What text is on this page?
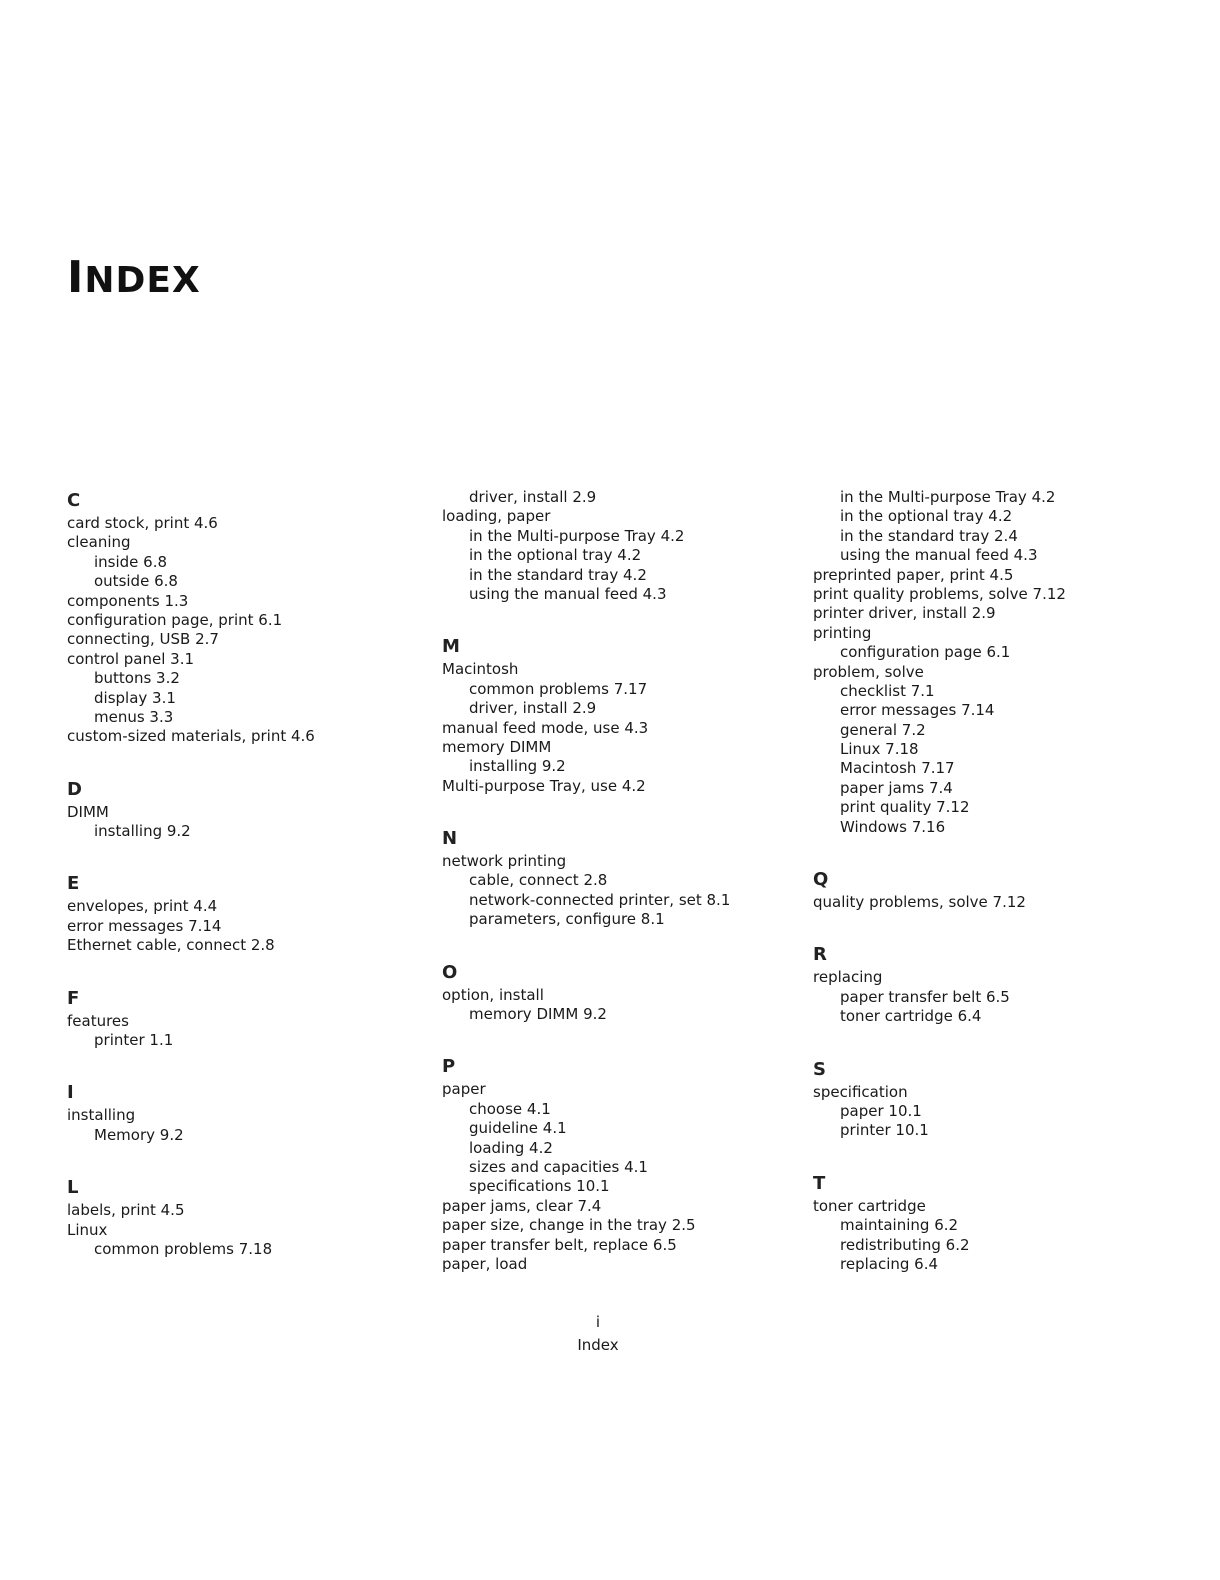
INDEX
C
card stock, print 4.6
cleaning
inside 6.8
outside 6.8
components 1.3
configuration page, print 6.1
connecting, USB 2.7
control panel 3.1
buttons 3.2
display 3.1
menus 3.3
custom-sized materials, print 4.6
D
DIMM
installing 9.2
E
envelopes, print 4.4
error messages 7.14
Ethernet cable, connect 2.8
F
features
printer 1.1
I
installing
Memory 9.2
L
labels, print 4.5
Linux
common problems 7.18
driver, install 2.9
loading, paper
in the Multi-purpose Tray 4.2
in the optional tray 4.2
in the standard tray 4.2
using the manual feed 4.3
M
Macintosh
common problems 7.17
driver, install 2.9
manual feed mode, use 4.3
memory DIMM
installing 9.2
Multi-purpose Tray, use 4.2
N
network printing
cable, connect 2.8
network-connected printer, set 8.1
parameters, configure 8.1
O
option, install
memory DIMM 9.2
P
paper
choose 4.1
guideline 4.1
loading 4.2
sizes and capacities 4.1
specifications 10.1
paper jams, clear 7.4
paper size, change in the tray 2.5
paper transfer belt, replace 6.5
paper, load
in the Multi-purpose Tray 4.2
in the optional tray 4.2
in the standard tray 2.4
using the manual feed 4.3
preprinted paper, print 4.5
print quality problems, solve 7.12
printer driver, install 2.9
printing
configuration page 6.1
problem, solve
checklist 7.1
error messages 7.14
general 7.2
Linux 7.18
Macintosh 7.17
paper jams 7.4
print quality 7.12
Windows 7.16
Q
quality problems, solve 7.12
R
replacing
paper transfer belt 6.5
toner cartridge 6.4
S
specification
paper 10.1
printer 10.1
T
toner cartridge
maintaining 6.2
redistributing 6.2
replacing 6.4
i
Index
